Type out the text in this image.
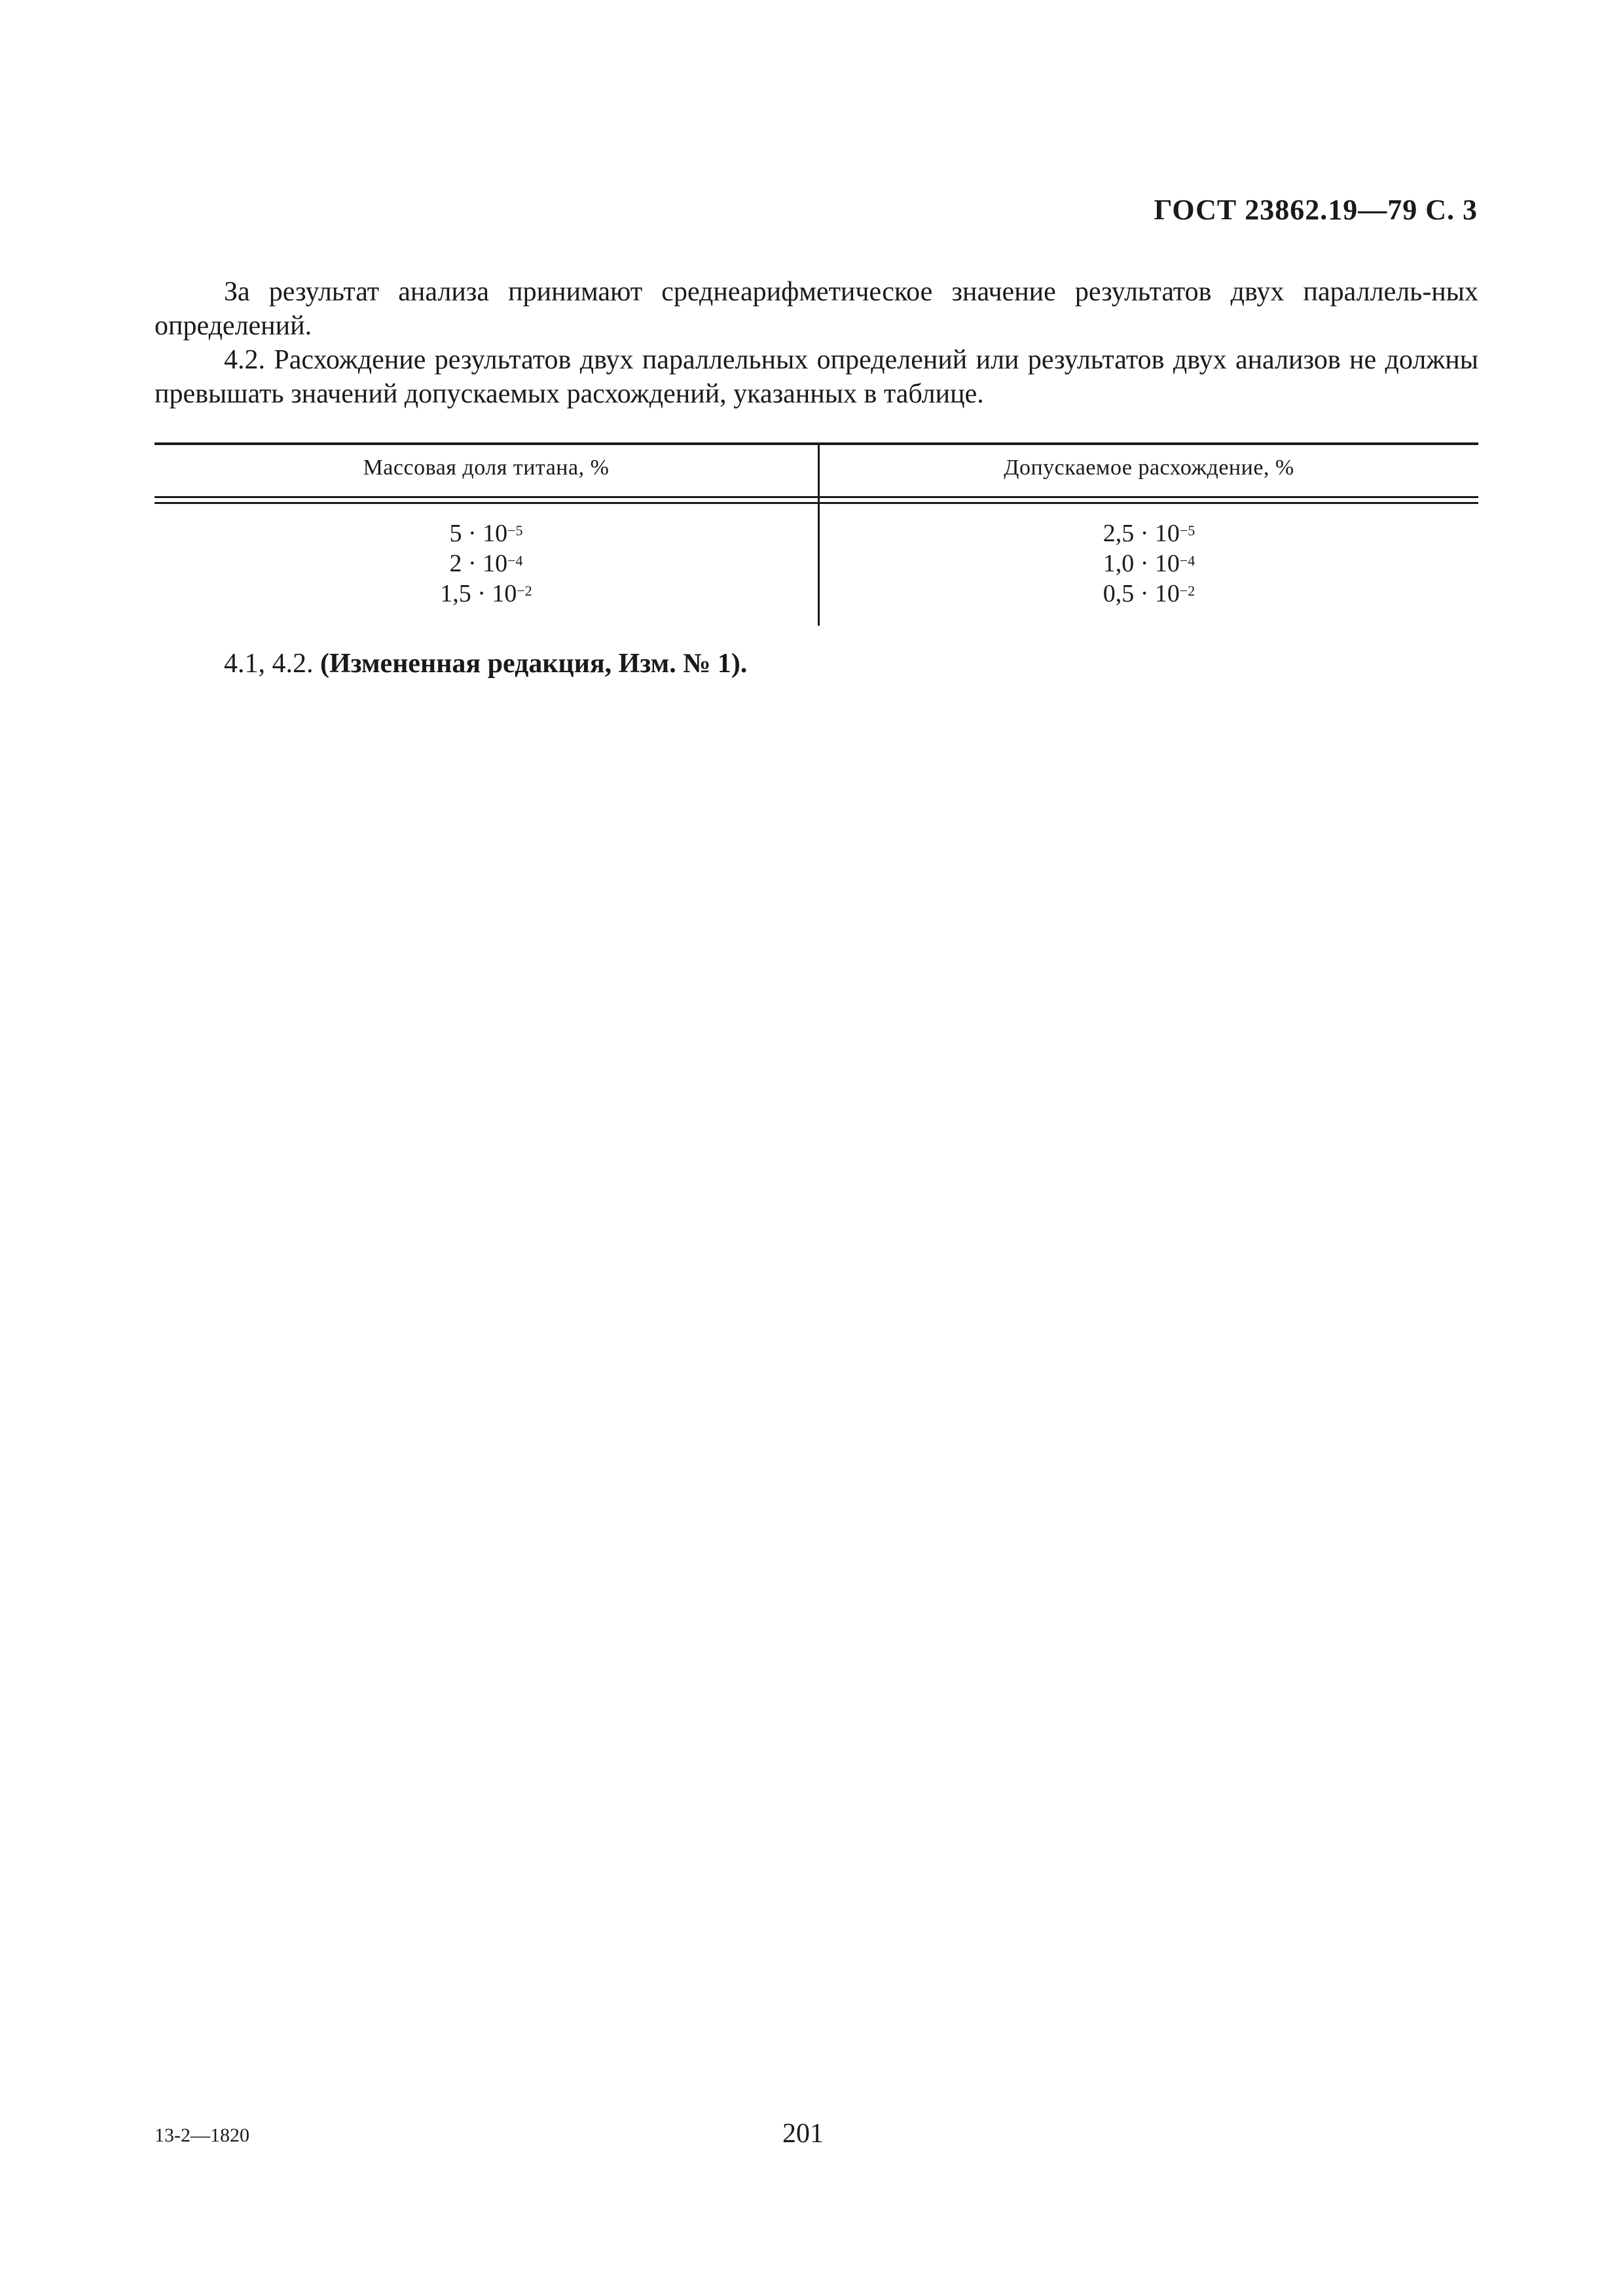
ГОСТ 23862.19—79 С. 3

За результат анализа принимают среднеарифметическое значение результатов двух параллель-ных определений.

4.2. Расхождение результатов двух параллельных определений или результатов двух анализов не должны превышать значений допускаемых расхождений, указанных в таблице.

Массовая доля титана, %	Допускаемое расхождение, %
$5 \cdot 10^{-5}$
$2 \cdot 10^{-4}$
$1,5 \cdot 10^{-2}$
$2,5 \cdot 10^{-5}$
$1,0 \cdot 10^{-4}$
$0,5 \cdot 10^{-2}$
4.1, 4.2. (Измененная редакция, Изм. № 1).
13-2—1820	201
